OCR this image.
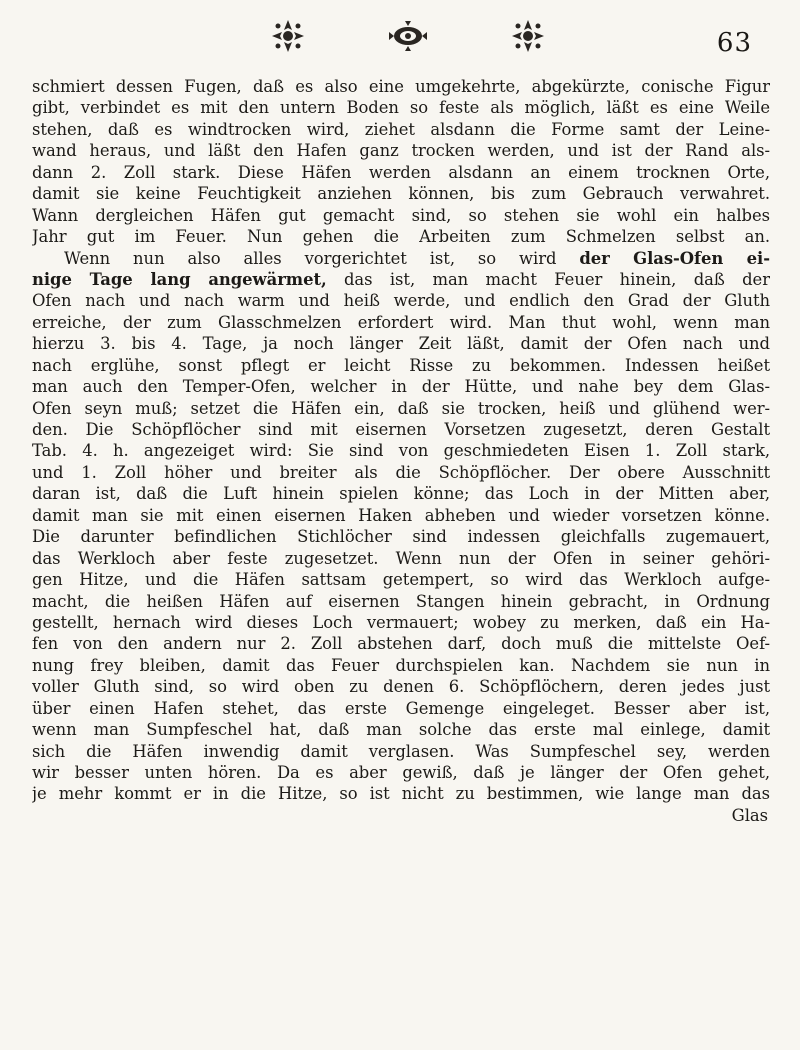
63
schmiert dessen Fugen, daß es also eine umgekehrte, abgekürzte, conische Figur
gibt, verbindet es mit den untern Boden so feste als möglich, läßt es eine Weile
stehen, daß es windtrocken wird, ziehet alsdann die Forme samt der Leine-
wand heraus, und läßt den Hafen ganz trocken werden, und ist der Rand als-
dann 2. Zoll stark. Diese Häfen werden alsdann an einem trocknen Orte,
damit sie keine Feuchtigkeit anziehen können, bis zum Gebrauch verwahret.
Wann dergleichen Häfen gut gemacht sind, so stehen sie wohl ein halbes
Jahr gut im Feuer. Nun gehen die Arbeiten zum Schmelzen selbst an.
Wenn nun also alles vorgerichtet ist, so wird der Glas-Ofen ei-
nige Tage lang angewärmet, das ist, man macht Feuer hinein, daß der
Ofen nach und nach warm und heiß werde, und endlich den Grad der Gluth
erreiche, der zum Glasschmelzen erfordert wird. Man thut wohl, wenn man
hierzu 3. bis 4. Tage, ja noch länger Zeit läßt, damit der Ofen nach und
nach erglühe, sonst pflegt er leicht Risse zu bekommen. Indessen heißet
man auch den Temper-Ofen, welcher in der Hütte, und nahe bey dem Glas-
Ofen seyn muß; setzet die Häfen ein, daß sie trocken, heiß und glühend wer-
den. Die Schöpflöcher sind mit eisernen Vorsetzen zugesetzt, deren Gestalt
Tab. 4. h. angezeiget wird: Sie sind von geschmiedeten Eisen 1. Zoll stark,
und 1. Zoll höher und breiter als die Schöpflöcher. Der obere Ausschnitt
daran ist, daß die Luft hinein spielen könne; das Loch in der Mitten aber,
damit man sie mit einen eisernen Haken abheben und wieder vorsetzen könne.
Die darunter befindlichen Stichlöcher sind indessen gleichfalls zugemauert,
das Werkloch aber feste zugesetzet. Wenn nun der Ofen in seiner gehöri-
gen Hitze, und die Häfen sattsam getempert, so wird das Werkloch aufge-
macht, die heißen Häfen auf eisernen Stangen hinein gebracht, in Ordnung
gestellt, hernach wird dieses Loch vermauert; wobey zu merken, daß ein Ha-
fen von den andern nur 2. Zoll abstehen darf, doch muß die mittelste Oef-
nung frey bleiben, damit das Feuer durchspielen kan. Nachdem sie nun in
voller Gluth sind, so wird oben zu denen 6. Schöpflöchern, deren jedes just
über einen Hafen stehet, das erste Gemenge eingeleget. Besser aber ist,
wenn man Sumpfeschel hat, daß man solche das erste mal einlege, damit
sich die Häfen inwendig damit verglasen. Was Sumpfeschel sey, werden
wir besser unten hören. Da es aber gewiß, daß je länger der Ofen gehet,
je mehr kommt er in die Hitze, so ist nicht zu bestimmen, wie lange man das
Glas
